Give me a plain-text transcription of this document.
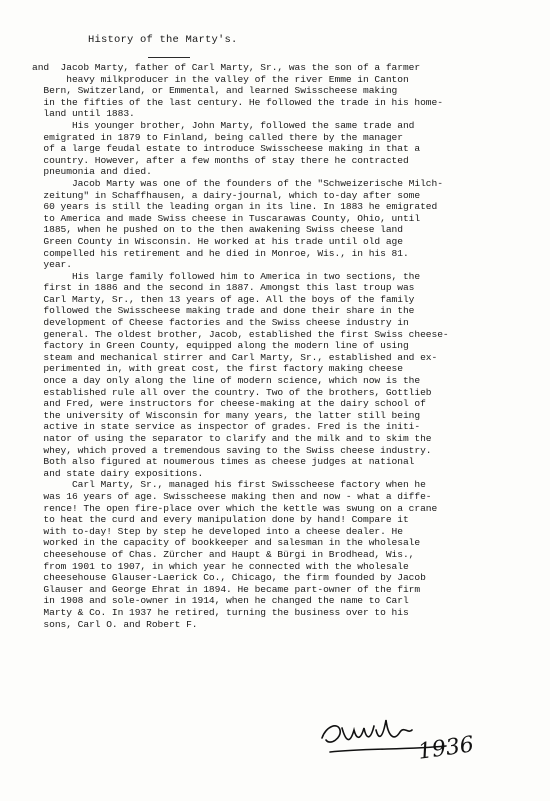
History of the Marty's.
and  Jacob Marty, father of Carl Marty, Sr., was the son of a farmer
heavy milkproducer in the valley of the river Emme in Canton
Bern, Switzerland, or Emmental, and learned Swisscheese making
in the fifties of the last century. He followed the trade in his home-
land until 1883.
His younger brother, John Marty, followed the same trade and
emigrated in 1879 to Finland, being called there by the manager
of a large feudal estate to introduce Swisscheese making in that a
country. However, after a few months of stay there he contracted
pneumonia and died.
Jacob Marty was one of the founders of the "Schweizerische Milch-
zeitung" in Schaffhausen, a dairy-journal, which to-day after some
60 years is still the leading organ in its line. In 1883 he emigrated
to America and made Swiss cheese in Tuscarawas County, Ohio, until
1885, when he pushed on to the then awakening Swiss cheese land
Green County in Wisconsin. He worked at his trade until old age
compelled his retirement and he died in Monroe, Wis., in his 81.
year.
His large family followed him to America in two sections, the
first in 1886 and the second in 1887. Amongst this last troup was
Carl Marty, Sr., then 13 years of age. All the boys of the family
followed the Swisscheese making trade and done their share in the
development of Cheese factories and the Swiss cheese industry in
general. The oldest brother, Jacob, established the first Swiss cheese-
factory in Green County, equipped along the modern line of using
steam and mechanical stirrer and Carl Marty, Sr., established and ex-
perimented in, with great cost, the first factory making cheese
once a day only along the line of modern science, which now is the
established rule all over the country. Two of the brothers, Gottlieb
and Fred, were instructors for cheese-making at the dairy school of
the university of Wisconsin for many years, the latter still being
active in state service as inspector of grades. Fred is the initi-
nator of using the separator to clarify and the milk and to skim the
whey, which proved a tremendous saving to the Swiss cheese industry.
Both also figured at noumerous times as cheese judges at national
and state dairy expositions.
Carl Marty, Sr., managed his first Swisscheese factory when he
was 16 years of age. Swisscheese making then and now - what a diffe-
rence! The open fire-place over which the kettle was swung on a crane
to heat the curd and every manipulation done by hand! Compare it
with to-day! Step by step he developed into a cheese dealer. He
worked in the capacity of bookkeeper and salesman in the wholesale
cheesehouse of Chas. Zürcher and Haupt & Bürgi in Brodhead, Wis.,
from 1901 to 1907, in which year he connected with the wholesale
cheesehouse Glauser-Laerick Co., Chicago, the firm founded by Jacob
Glauser and George Ehrat in 1894. He became part-owner of the firm
in 1908 and sole-owner in 1914, when he changed the name to Carl
Marty & Co. In 1937 he retired, turning the business over to his
sons, Carl O. and Robert F.
1936
